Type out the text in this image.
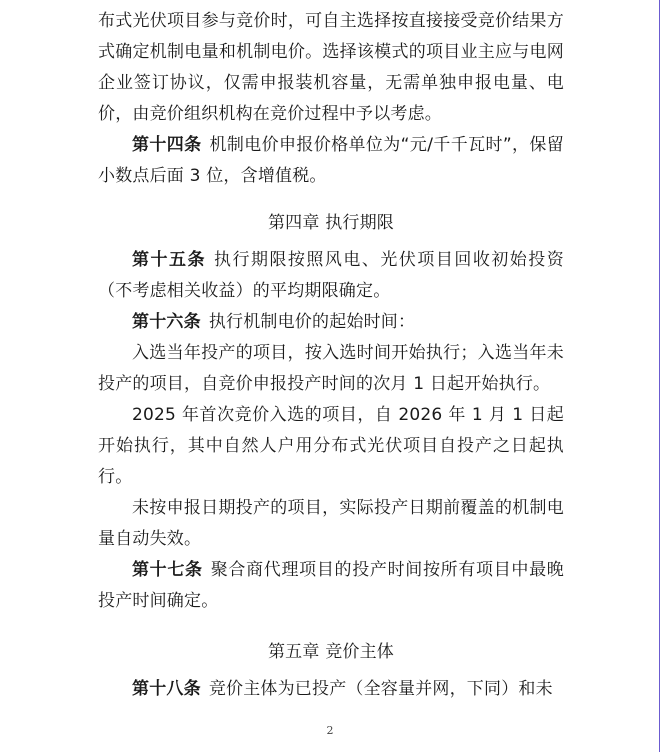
布式光伏项目参与竞价时，可自主选择按直接接受竞价结果方式确定机制电量和机制电价。选择该模式的项目业主应与电网企业签订协议，仅需申报装机容量，无需单独申报电量、电价，由竞价组织机构在竞价过程中予以考虑。

第十四条 机制电价申报价格单位为“元/千千瓦时”，保留小数点后面 3 位，含增值税。

第四章 执行期限

第十五条 执行期限按照风电、光伏项目回收初始投资（不考虑相关收益）的平均期限确定。

第十六条 执行机制电价的起始时间：

入选当年投产的项目，按入选时间开始执行；入选当年未投产的项目，自竞价申报投产时间的次月 1 日起开始执行。

2025 年首次竞价入选的项目，自 2026 年 1 月 1 日起开始执行，其中自然人户用分布式光伏项目自投产之日起执行。

未按申报日期投产的项目，实际投产日期前覆盖的机制电量自动失效。

第十七条 聚合商代理项目的投产时间按所有项目中最晚投产时间确定。

第五章 竞价主体

第十八条 竞价主体为已投产（全容量并网，下同）和未

2
